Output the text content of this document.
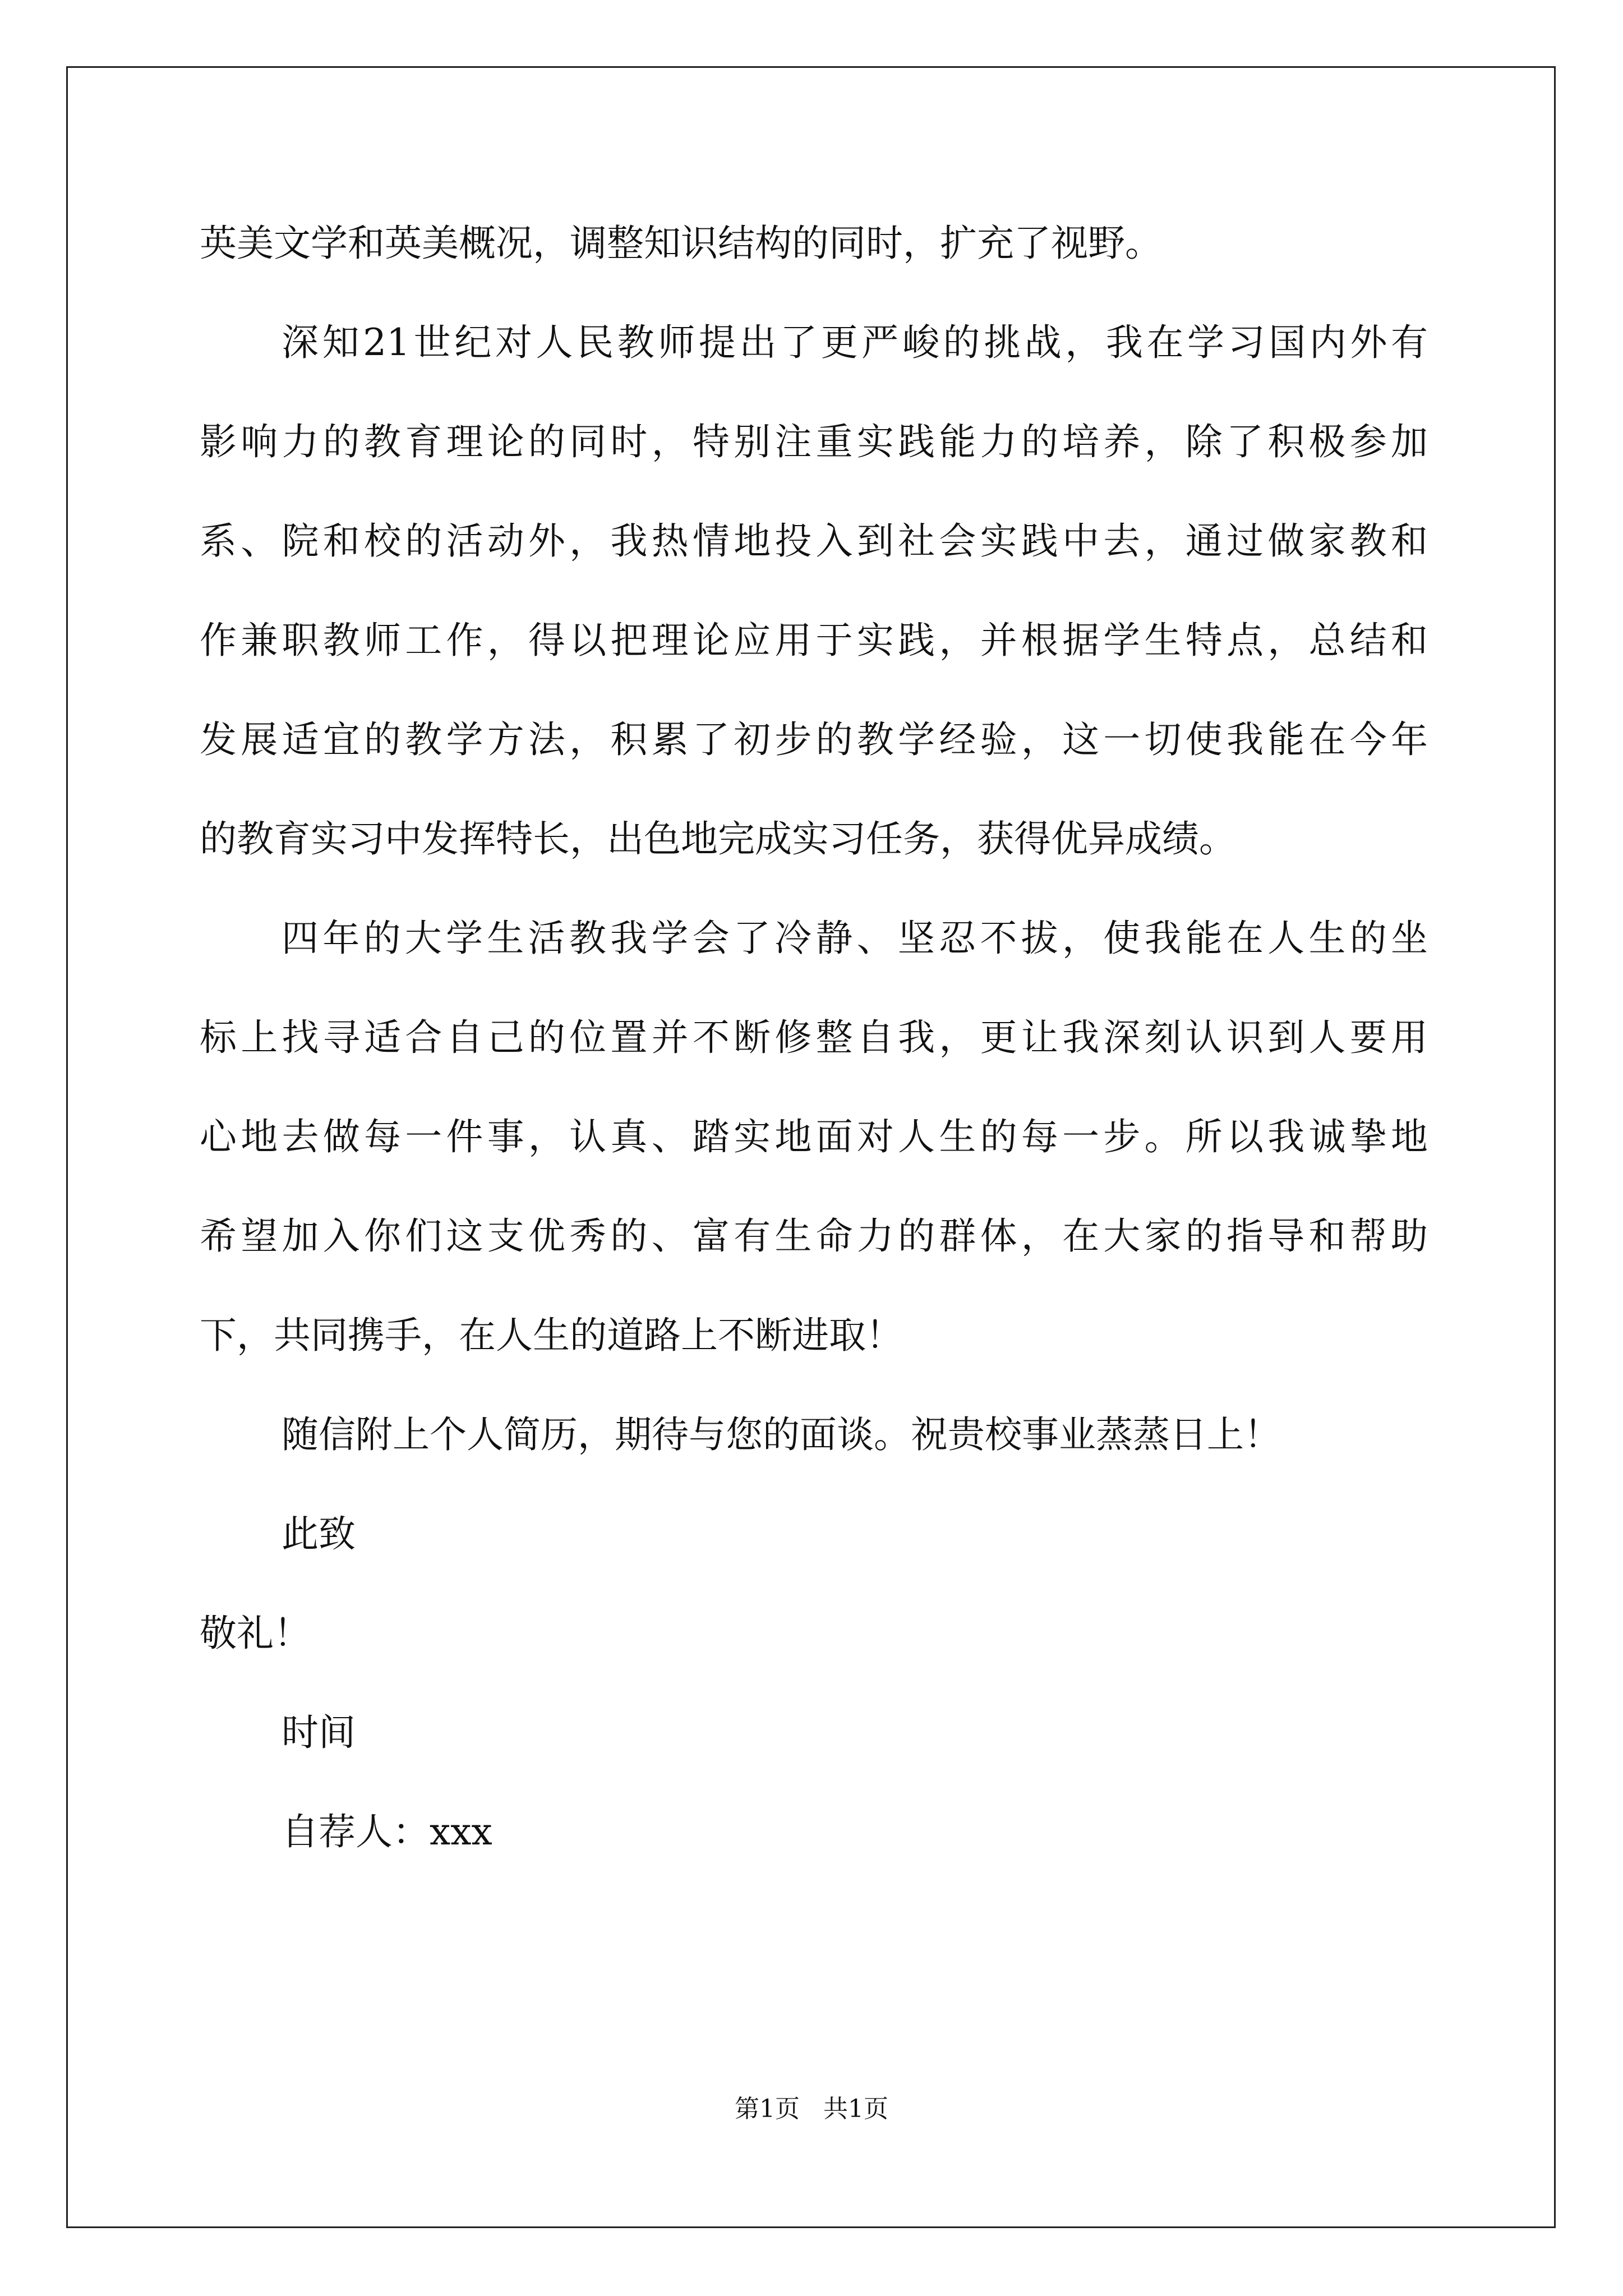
英美文学和英美概况，调整知识结构的同时，扩充了视野。
深知21世纪对人民教师提出了更严峻的挑战，我在学习国内外有
影响力的教育理论的同时，特别注重实践能力的培养，除了积极参加
系、院和校的活动外，我热情地投入到社会实践中去，通过做家教和
作兼职教师工作，得以把理论应用于实践，并根据学生特点，总结和
发展适宜的教学方法，积累了初步的教学经验，这一切使我能在今年
的教育实习中发挥特长，出色地完成实习任务，获得优异成绩。
四年的大学生活教我学会了冷静、坚忍不拔，使我能在人生的坐
标上找寻适合自己的位置并不断修整自我，更让我深刻认识到人要用
心地去做每一件事，认真、踏实地面对人生的每一步。所以我诚挚地
希望加入你们这支优秀的、富有生命力的群体，在大家的指导和帮助
下，共同携手，在人生的道路上不断进取！
随信附上个人简历，期待与您的面谈。祝贵校事业蒸蒸日上！
此致
敬礼！
时间
自荐人：xxx
第1页   共1页
